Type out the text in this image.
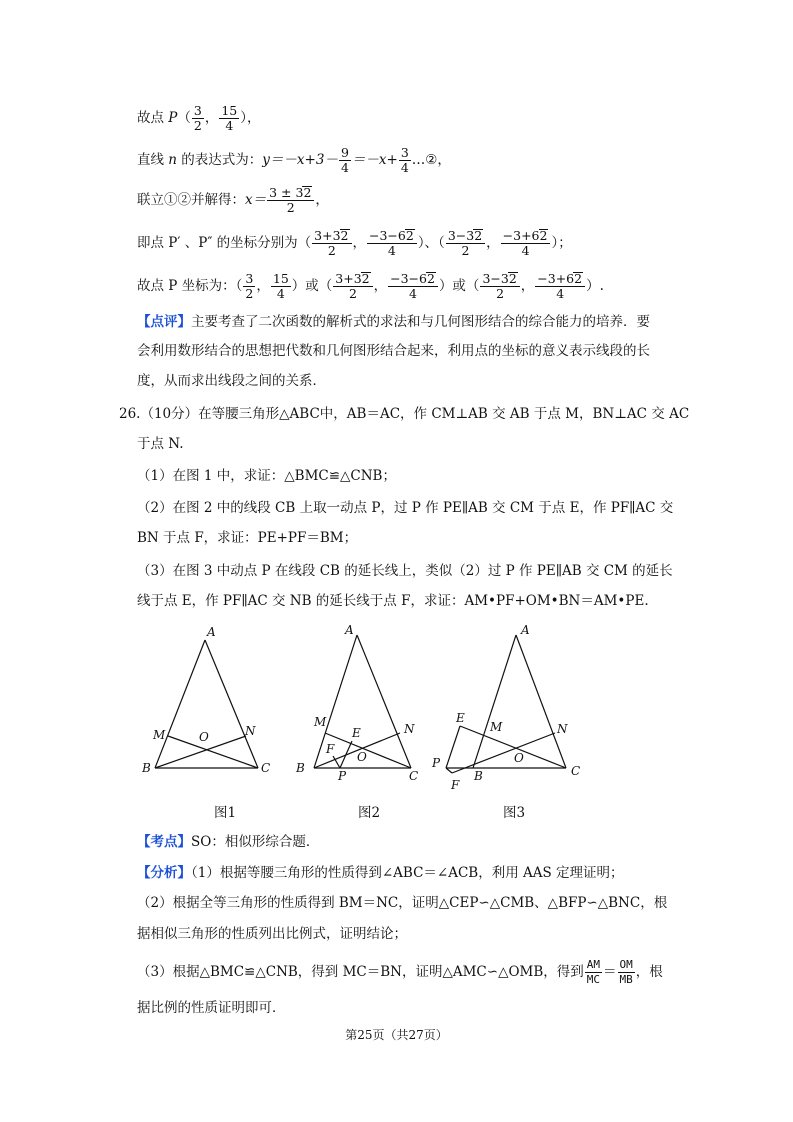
故点 $P( \frac{3}{2}$ ， $\frac{15}{4}$ ），
直线 n 的表达式为：$y=-x+3- \frac{9}{4} =-x+ \frac{3}{4}$ …②，
联立①②并解得：$x= \frac{3 \pm 32}{2}$ ，
即点 P′ 、P″ 的坐标分别为（ $\frac{3+32}{2}$ ， $\frac{-3-62}{4}$ ）、（ $\frac{3-32}{2}$ ， $\frac{-3+62}{4}$ ）；
故点 P 坐标为：（ $\frac{3}{2}$ ， $\frac{15}{4}$ ）或（ $\frac{3+32}{2}$ ， $\frac{-3-62}{4}$ ）或（ $\frac{3-32}{2}$ ， $\frac{-3+62}{4}$ ）.
【点评】主要考查了二次函数的解析式的求法和与几何图形结合的综合能力的培养．要
会利用数形结合的思想把代数和几何图形结合起来，利用点的坐标的意义表示线段的长
度，从而求出线段之间的关系．
26.（10分）在等腰三角形△ABC中，AB＝AC，作 CM⊥AB 交 AB 于点 M，BN⊥AC 交 AC
于点 N.
（1）在图 1 中，求证：△BMC≌△CNB；
（2）在图 2 中的线段 CB 上取一动点 P，过 P 作 PE∥AB 交 CM 于点 E，作 PF∥AC 交
BN 于点 F，求证：PE+PF＝BM；
（3）在图 3 中动点 P 在线段 CB 的延长线上，类似（2）过 P 作 PE∥AB 交 CM 的延长
线于点 E，作 PF∥AC 交 NB 的延长线于点 F，求证：AM•PF+OM•BN＝AM•PE.
A
M	O	N
B	C
A
M
E	N
F
O
B
P	C
A
E
M	N
O
P
B	C
F
图1	图2	图3
【考点】SO：相似形综合题．
【分析】（1）根据等腰三角形的性质得到∠ABC＝∠ACB，利用 AAS 定理证明；
（2）根据全等三角形的性质得到 BM＝NC，证明△CEP∽△CMB、△BFP∽△BNC，根
据相似三角形的性质列出比例式，证明结论；
（3）根据△BMC≌△CNB，得到 MC＝BN，证明△AMC∽△OMB，得到 $\frac{AM}{MC} = \frac{OM}{MB}$ ，根
据比例的性质证明即可．
第25页（共27页）
